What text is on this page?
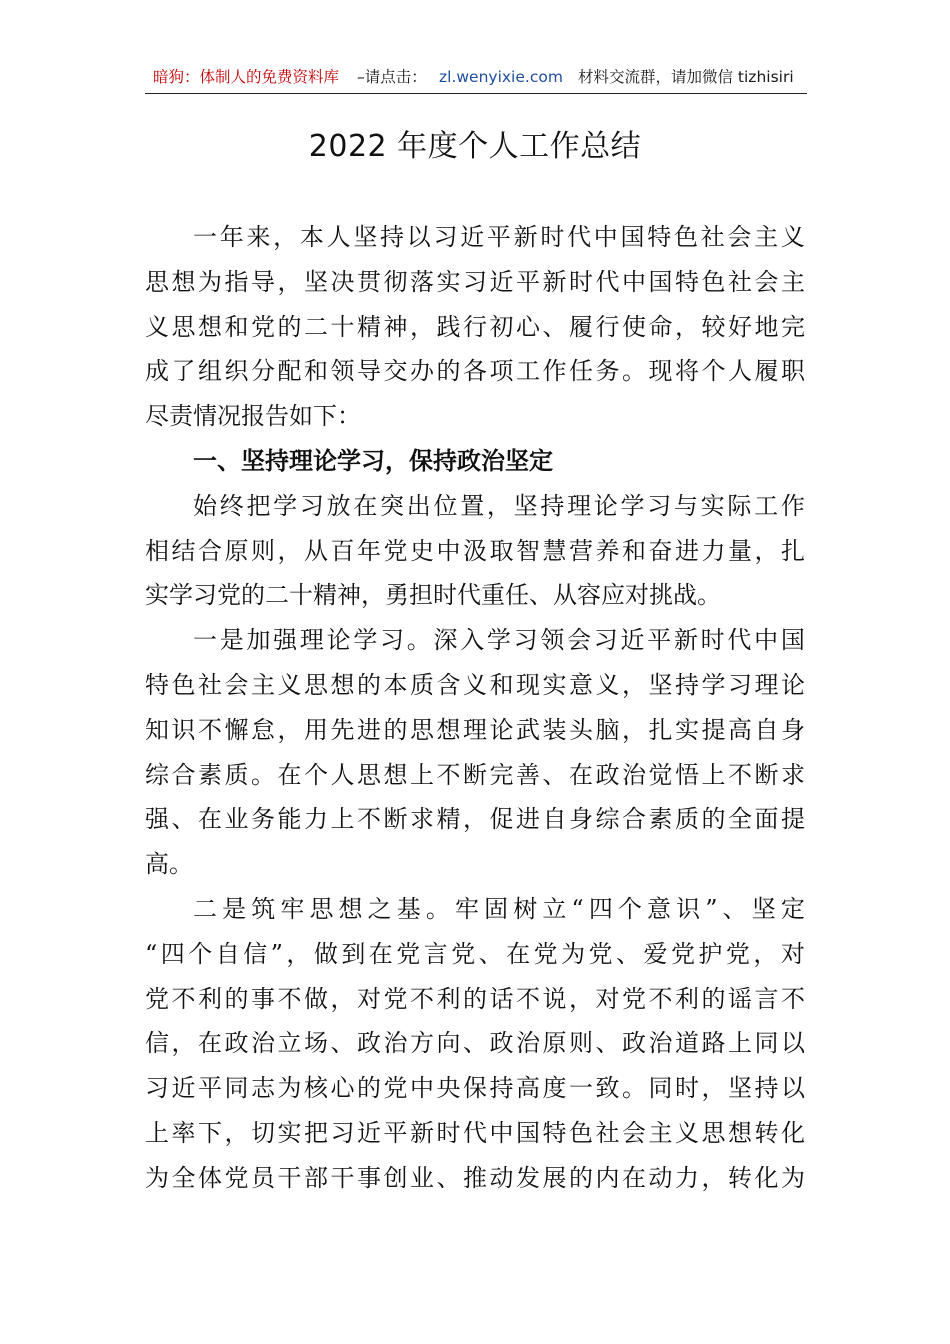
暗狗：体制人的免费资料库 –请点击： zl.wenyixie.com 材料交流群，请加微信 tizhisiri
2022 年度个人工作总结
一 年 来 ， 本 人 坚 持 以 习 近 平 新 时 代 中 国 特 色 社 会 主 义
思 想 为 指 导 ， 坚 决 贯 彻 落 实 习 近 平 新 时 代 中 国 特 色 社 会 主
义 思 想 和 党 的 二 十 精 神 ， 践 行 初 心 、 履 行 使 命 ， 较 好 地 完
成 了 组 织 分 配 和 领 导 交 办 的 各 项 工 作 任 务 。 现 将 个 人 履 职
尽责情况报告如下：
一、坚持理论学习，保持政治坚定
始 终 把 学 习 放 在 突 出 位 置 ， 坚 持 理 论 学 习 与 实 际 工 作
相 结 合 原 则 ， 从 百 年 党 史 中 汲 取 智 慧 营 养 和 奋 进 力 量 ， 扎
实学习党的二十精神，勇担时代重任、从容应对挑战。
一 是 加 强 理 论 学 习 。 深 入 学 习 领 会 习 近 平 新 时 代 中 国
特 色 社 会 主 义 思 想 的 本 质 含 义 和 现 实 意 义 ， 坚 持 学 习 理 论
知 识 不 懈 怠 ， 用 先 进 的 思 想 理 论 武 装 头 脑 ， 扎 实 提 高 自 身
综 合 素 质 。 在 个 人 思 想 上 不 断 完 善 、 在 政 治 觉 悟 上 不 断 求
强 、 在 业 务 能 力 上 不 断 求 精 ， 促 进 自 身 综 合 素 质 的 全 面 提
高。
二 是 筑 牢 思 想 之 基 。 牢 固 树 立 “ 四 个 意 识 ” 、 坚 定
“ 四 个 自 信 ” ， 做 到 在 党 言 党 、 在 党 为 党 、 爱 党 护 党 ， 对
党 不 利 的 事 不 做 ， 对 党 不 利 的 话 不 说 ， 对 党 不 利 的 谣 言 不
信 ， 在 政 治 立 场 、 政 治 方 向 、 政 治 原 则 、 政 治 道 路 上 同 以
习 近 平 同 志 为 核 心 的 党 中 央 保 持 高 度 一 致 。 同 时 ， 坚 持 以
上 率 下 ， 切 实 把 习 近 平 新 时 代 中 国 特 色 社 会 主 义 思 想 转 化
为 全 体 党 员 干 部 干 事 创 业 、 推 动 发 展 的 内 在 动 力 ， 转 化 为
